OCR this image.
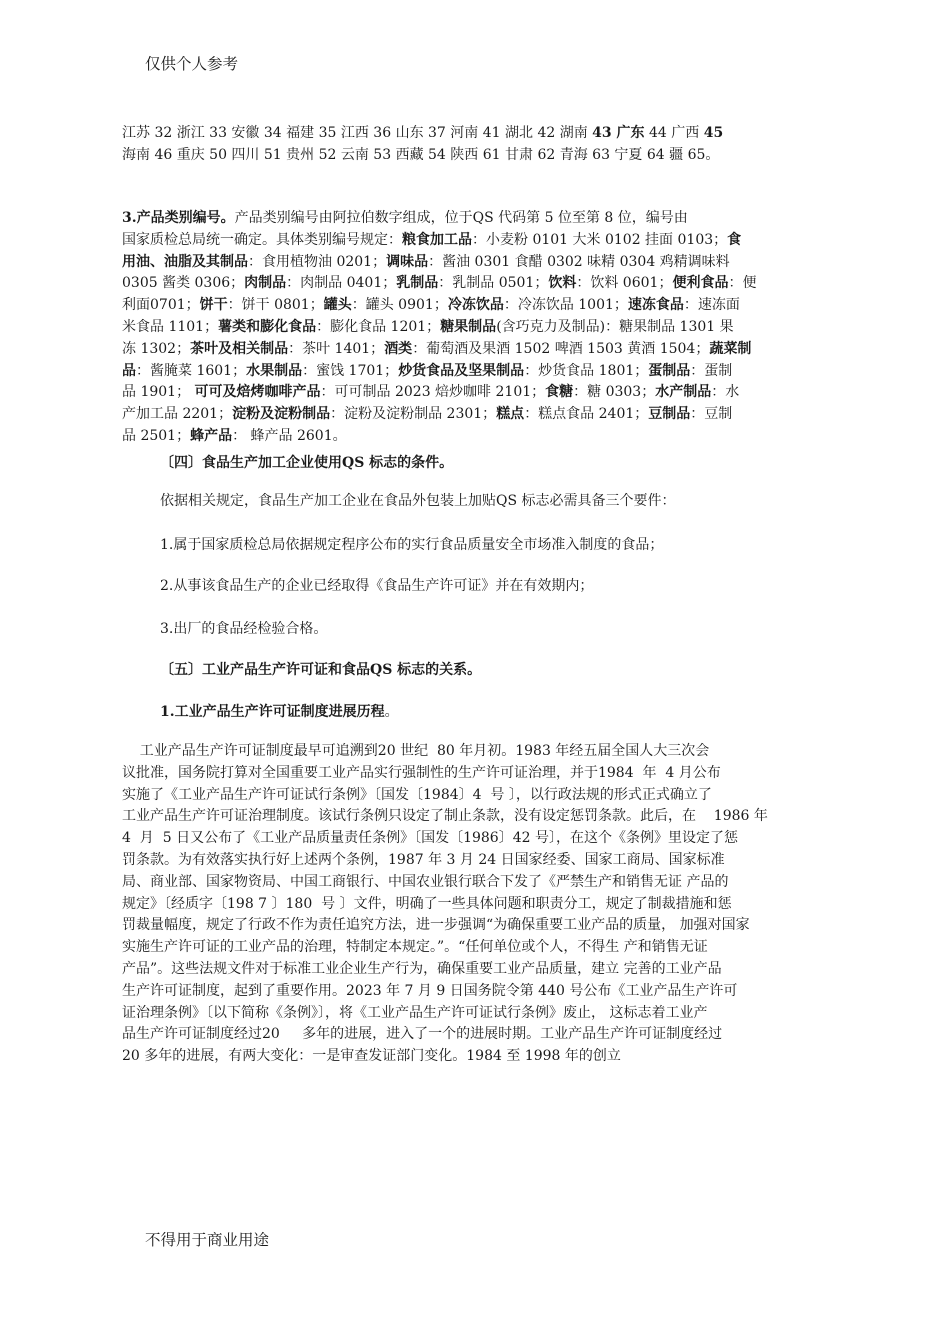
仅供个人参考
江苏 32 浙江 33 安徽 34 福建 35 江西 36 山东 37 河南 41 湖北 42 湖南 43 广东 44 广西 45
海南 46 重庆 50 四川 51 贵州 52 云南 53 西藏 54 陕西 61 甘肃 62 青海 63 宁夏 64 疆 65。
3.产品类别编号。产品类别编号由阿拉伯数字组成，位于QS 代码第 5 位至第 8 位，编号由
国家质检总局统一确定。具体类别编号规定：粮食加工品：小麦粉 0101 大米 0102 挂面 0103；食
用油、油脂及其制品：食用植物油 0201；调味品：酱油 0301 食醋 0302 味精 0304 鸡精调味料
0305 酱类 0306；肉制品：肉制品 0401；乳制品：乳制品 0501；饮料：饮料 0601；便利食品：便
利面0701；饼干：饼干 0801；罐头：罐头 0901；冷冻饮品：冷冻饮品 1001；速冻食品：速冻面
米食品 1101；薯类和膨化食品：膨化食品 1201；糖果制品(含巧克力及制品)：糖果制品 1301 果
冻 1302；茶叶及相关制品：茶叶 1401；酒类：葡萄酒及果酒 1502 啤酒 1503 黄酒 1504；蔬菜制
品：酱腌菜 1601；水果制品：蜜饯 1701；炒货食品及坚果制品：炒货食品 1801；蛋制品：蛋制
品 1901； 可可及焙烤咖啡产品：可可制品 2023 焙炒咖啡 2101；食糖：糖 0303；水产制品：水
产加工品 2201；淀粉及淀粉制品：淀粉及淀粉制品 2301；糕点：糕点食品 2401；豆制品：豆制
品 2501；蜂产品： 蜂产品 2601。
〔四〕食品生产加工企业使用QS 标志的条件。
依据相关规定，食品生产加工企业在食品外包装上加贴QS 标志必需具备三个要件：
1.属于国家质检总局依据规定程序公布的实行食品质量安全市场准入制度的食品；
2.从事该食品生产的企业已经取得《食品生产许可证》并在有效期内；
3.出厂的食品经检验合格。
〔五〕工业产品生产许可证和食品QS 标志的关系。
1.工业产品生产许可证制度进展历程。
工业产品生产许可证制度最早可追溯到20 世纪  80 年月初。1983 年经五届全国人大三次会
议批准，国务院打算对全国重要工业产品实行强制性的生产许可证治理，并于1984  年  4 月公布
实施了《工业产品生产许可证试行条例》〔国发〔1984〕4  号 〕，以行政法规的形式正式确立了
工业产品生产许可证治理制度。该试行条例只设定了制止条款，没有设定惩罚条款。此后，在    1986 年
4  月  5 日又公布了《工业产品质量责任条例》〔国发〔1986〕42 号〕，在这个《条例》里设定了惩
罚条款。为有效落实执行好上述两个条例，1987 年 3 月 24 日国家经委、国家工商局、国家标准
局、商业部、国家物资局、中国工商银行、中国农业银行联合下发了《严禁生产和销售无证 产品的
规定》〔经质字〔198 7 〕180  号 〕文件，明确了一些具体问题和职责分工，规定了制裁措施和惩
罚裁量幅度，规定了行政不作为责任追究方法，进一步强调“为确保重要工业产品的质量， 加强对国家
实施生产许可证的工业产品的治理，特制定本规定。”。“任何单位或个人，不得生 产和销售无证
产品”。这些法规文件对于标准工业企业生产行为，确保重要工业产品质量，建立 完善的工业产品
生产许可证制度，起到了重要作用。2023 年 7 月 9 日国务院令第 440 号公布《工业产品生产许可
证治理条例》〔以下简称《条例》〕，将《工业产品生产许可证试行条例》废止， 这标志着工业产
品生产许可证制度经过20     多年的进展，进入了一个的进展时期。工业产品生产许可证制度经过
20 多年的进展，有两大变化：一是审查发证部门变化。1984 至 1998 年的创立
不得用于商业用途
